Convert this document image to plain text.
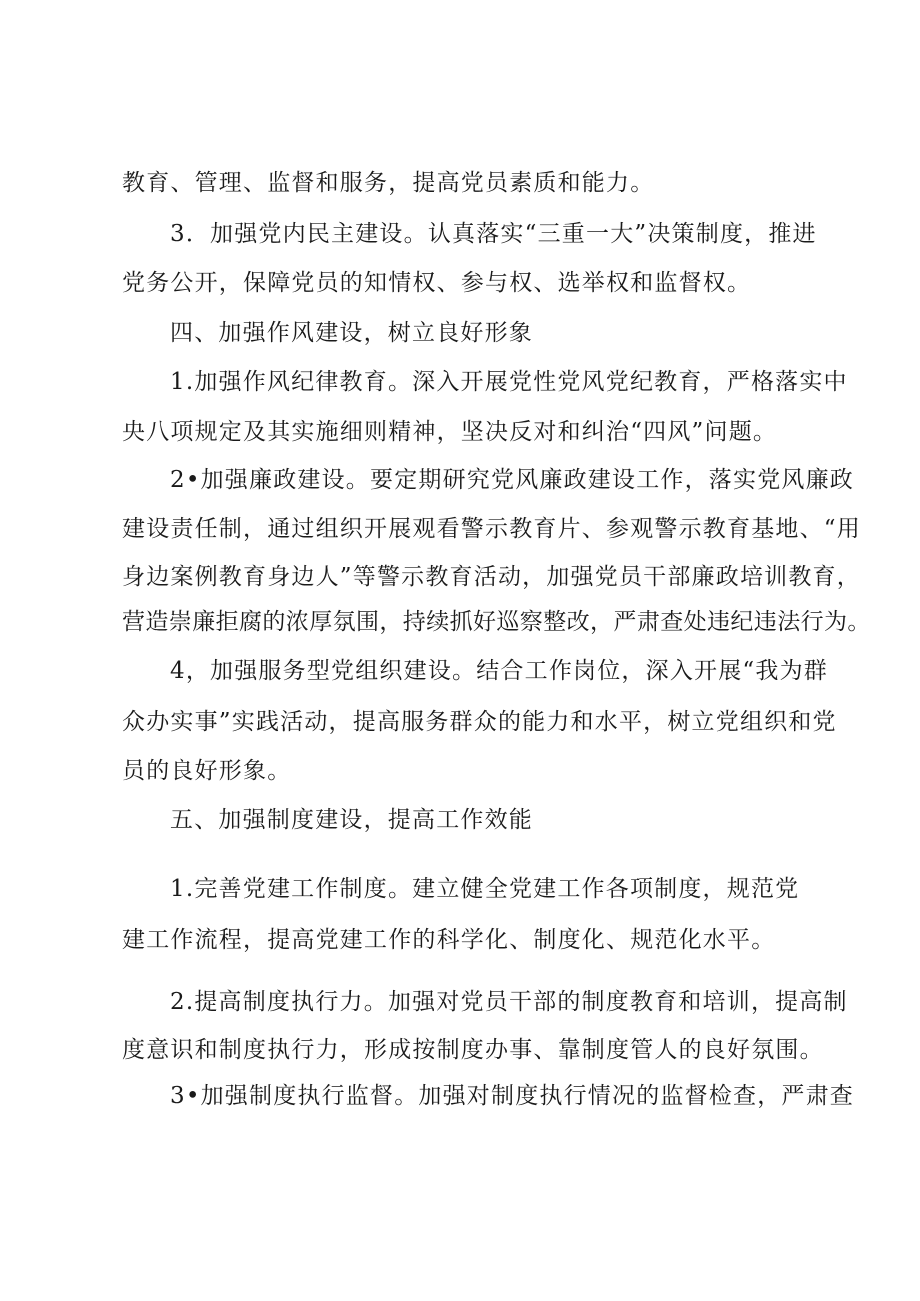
教育、管理、监督和服务，提高党员素质和能力。
3．加强党内民主建设。认真落实“三重一大”决策制度，推进
党务公开，保障党员的知情权、参与权、选举权和监督权。
四、加强作风建设，树立良好形象
1.加强作风纪律教育。深入开展党性党风党纪教育，严格落实中
央八项规定及其实施细则精神，坚决反对和纠治“四风”问题。
2•加强廉政建设。要定期研究党风廉政建设工作，落实党风廉政
建设责任制，通过组织开展观看警示教育片、参观警示教育基地、“用
身边案例教育身边人”等警示教育活动，加强党员干部廉政培训教育，
营造崇廉拒腐的浓厚氛围，持续抓好巡察整改，严肃查处违纪违法行为。
4，加强服务型党组织建设。结合工作岗位，深入开展“我为群
众办实事”实践活动，提高服务群众的能力和水平，树立党组织和党
员的良好形象。
五、加强制度建设，提高工作效能
1.完善党建工作制度。建立健全党建工作各项制度，规范党
建工作流程，提高党建工作的科学化、制度化、规范化水平。
2.提高制度执行力。加强对党员干部的制度教育和培训，提高制
度意识和制度执行力，形成按制度办事、靠制度管人的良好氛围。
3•加强制度执行监督。加强对制度执行情况的监督检查，严肃查
